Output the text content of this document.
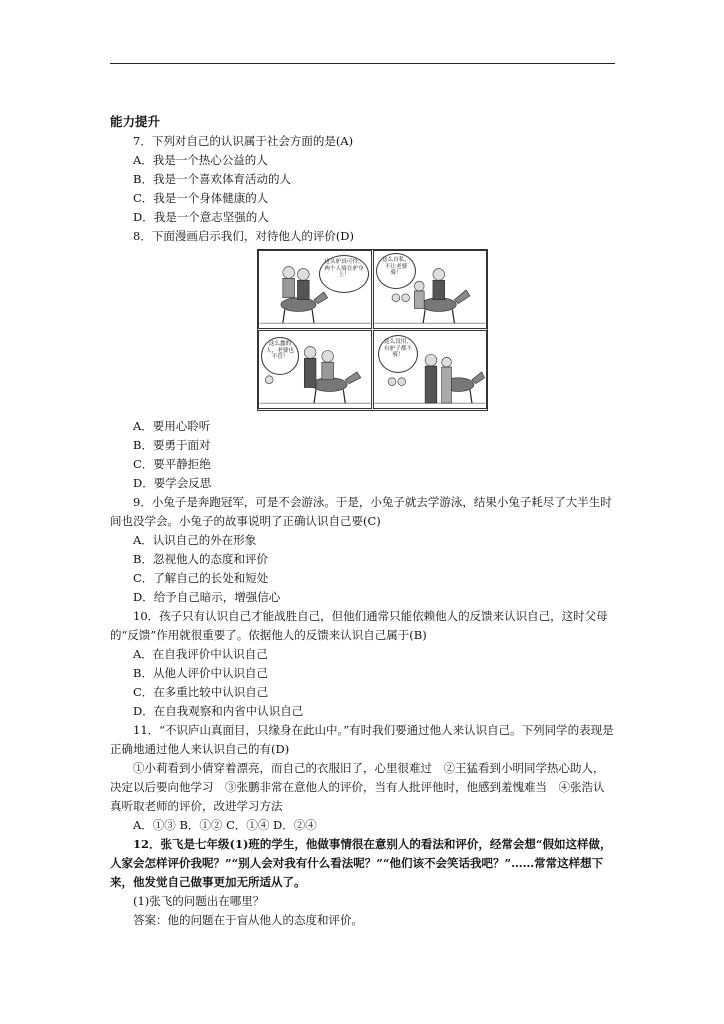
能力提升
7．下列对自己的认识属于社会方面的是(A)
A．我是一个热心公益的人
B．我是一个喜欢体育活动的人
C．我是一个身体健康的人
D．我是一个意志坚强的人
8．下面漫画启示我们，对待他人的评价(D)
这头驴真可怜，两个人骑在驴身上！
这么自私，不让老婆骑！
这么蠢的人，老婆也不管！
这么没用，有驴子都不骑！
A．要用心聆听
B．要勇于面对
C．要平静拒绝
D．要学会反思
9．小兔子是奔跑冠军，可是不会游泳。于是，小兔子就去学游泳，结果小兔子耗尽了大半生时间也没学会。小兔子的故事说明了正确认识自己要(C)
A．认识自己的外在形象
B．忽视他人的态度和评价
C．了解自己的长处和短处
D．给予自己暗示，增强信心
10．孩子只有认识自己才能战胜自己，但他们通常只能依赖他人的反馈来认识自己，这时父母的“反馈”作用就很重要了。依据他人的反馈来认识自己属于(B)
A．在自我评价中认识自己
B．从他人评价中认识自己
C．在多重比较中认识自己
D．在自我观察和内省中认识自己
11．“不识庐山真面目，只缘身在此山中。”有时我们要通过他人来认识自己。下列同学的表现是正确地通过他人来认识自己的有(D)
①小莉看到小倩穿着漂亮，而自己的衣服旧了，心里很难过　②王猛看到小明同学热心助人，决定以后要向他学习　③张鹏非常在意他人的评价，当有人批评他时，他感到羞愧难当　④张浩认真听取老师的评价，改进学习方法
A．①③ B．①② C．①④ D．②④
12．张飞是七年级(1)班的学生，他做事情很在意别人的看法和评价，经常会想“假如这样做，人家会怎样评价我呢？”“别人会对我有什么看法呢？”“他们该不会笑话我吧？”……常常这样想下来，他发觉自己做事更加无所适从了。
(1)张飞的问题出在哪里？
答案：他的问题在于盲从他人的态度和评价。
